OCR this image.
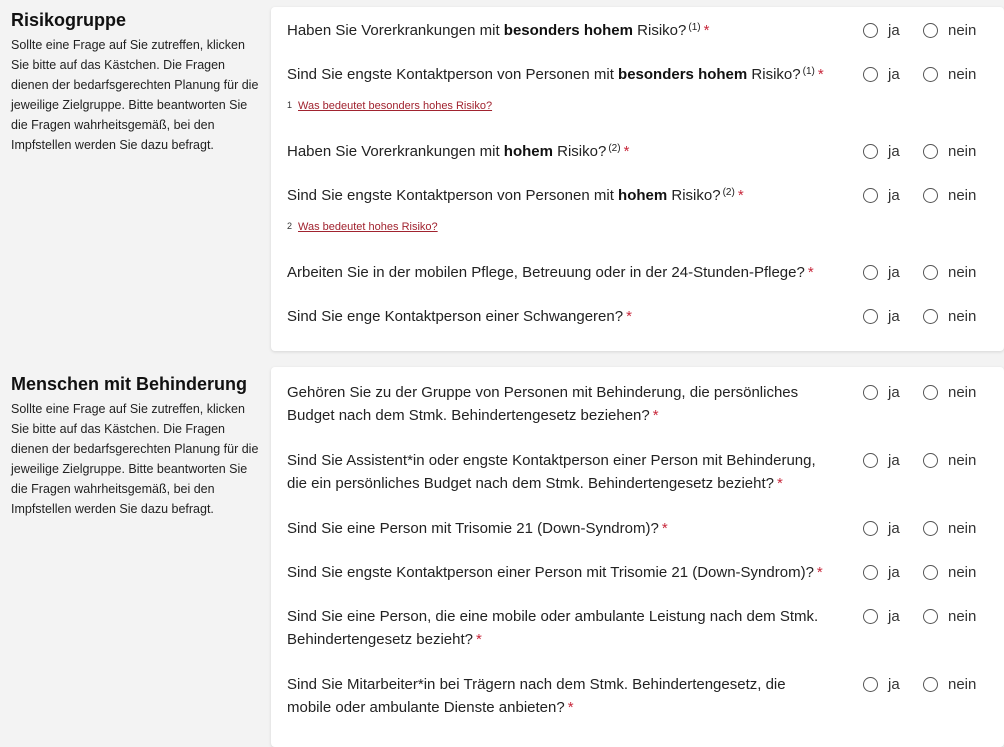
Risikogruppe

Sollte eine Frage auf Sie zutreffen, klicken Sie bitte auf das Kästchen. Die Fragen dienen der bedarfsgerechten Planung für die jeweilige Zielgruppe. Bitte beantworten Sie die Fragen wahrheitsgemäß, bei den Impfstellen werden Sie dazu befragt.

Haben Sie Vorerkrankungen mit besonders hohem Risiko? $^{(1)}$ *	ja	nein
Sind Sie engste Kontaktperson von Personen mit besonders hohem Risiko? $^{(1)}$ *	ja	nein
$^1$ Was bedeutet besonders hohes Risiko?
Haben Sie Vorerkrankungen mit hohem Risiko? $^{(2)}$ *	ja	nein
Sind Sie engste Kontaktperson von Personen mit hohem Risiko? $^{(2)}$ *	ja	nein
$^2$ Was bedeutet hohes Risiko?
Arbeiten Sie in der mobilen Pflege, Betreuung oder in der 24-Stunden-Pflege? *	ja	nein
Sind Sie enge Kontaktperson einer Schwangeren? *	ja	nein
Menschen mit Behinderung

Sollte eine Frage auf Sie zutreffen, klicken Sie bitte auf das Kästchen. Die Fragen dienen der bedarfsgerechten Planung für die jeweilige Zielgruppe. Bitte beantworten Sie die Fragen wahrheitsgemäß, bei den Impfstellen werden Sie dazu befragt.

Gehören Sie zu der Gruppe von Personen mit Behinderung, die persönliches
Budget nach dem Stmk. Behindertengesetz beziehen? *
ja	nein
Sind Sie Assistent*in oder engste Kontaktperson einer Person mit Behinderung,
die ein persönliches Budget nach dem Stmk. Behindertengesetz bezieht? *
ja	nein
Sind Sie eine Person mit Trisomie 21 (Down-Syndrom)? *	ja	nein
Sind Sie engste Kontaktperson einer Person mit Trisomie 21 (Down-Syndrom)? *	ja	nein
Sind Sie eine Person, die eine mobile oder ambulante Leistung nach dem Stmk.
Behindertengesetz bezieht? *
ja	nein
Sind Sie Mitarbeiter*in bei Trägern nach dem Stmk. Behindertengesetz, die
mobile oder ambulante Dienste anbieten? *
ja	nein
